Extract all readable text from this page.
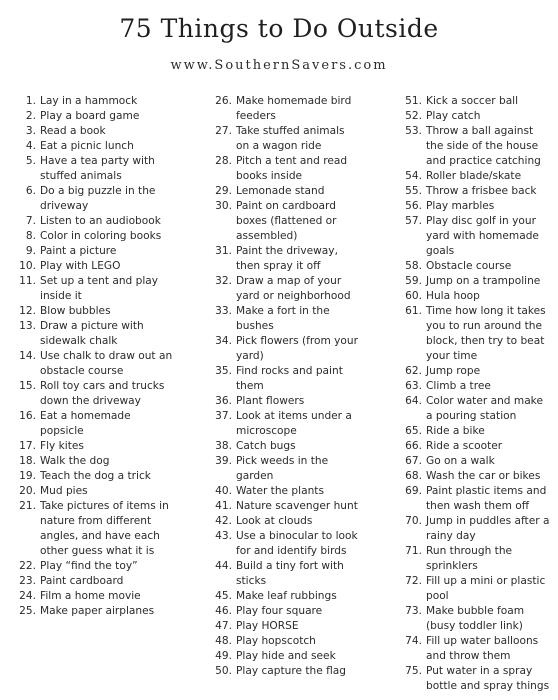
75 Things to Do Outside
www.SouthernSavers.com
1. Lay in a hammock
2. Play a board game
3. Read a book
4. Eat a picnic lunch
5. Have a tea party with stuffed animals
6. Do a big puzzle in the driveway
7. Listen to an audiobook
8. Color in coloring books
9. Paint a picture
10. Play with LEGO
11. Set up a tent and play inside it
12. Blow bubbles
13. Draw a picture with sidewalk chalk
14. Use chalk to draw out an obstacle course
15. Roll toy cars and trucks down the driveway
16. Eat a homemade popsicle
17. Fly kites
18. Walk the dog
19. Teach the dog a trick
20. Mud pies
21. Take pictures of items in nature from different angles, and have each other guess what it is
22. Play “find the toy”
23. Paint cardboard
24. Film a home movie
25. Make paper airplanes
26. Make homemade bird feeders
27. Take stuffed animals on a wagon ride
28. Pitch a tent and read books inside
29. Lemonade stand
30. Paint on cardboard boxes (flattened or assembled)
31. Paint the driveway, then spray it off
32. Draw a map of your yard or neighborhood
33. Make a fort in the bushes
34. Pick flowers (from your yard)
35. Find rocks and paint them
36. Plant flowers
37. Look at items under a microscope
38. Catch bugs
39. Pick weeds in the garden
40. Water the plants
41. Nature scavenger hunt
42. Look at clouds
43. Use a binocular to look for and identify birds
44. Build a tiny fort with sticks
45. Make leaf rubbings
46. Play four square
47. Play HORSE
48. Play hopscotch
49. Play hide and seek
50. Play capture the flag
51. Kick a soccer ball
52. Play catch
53. Throw a ball against the side of the house and practice catching
54. Roller blade/skate
55. Throw a frisbee back
56. Play marbles
57. Play disc golf in your yard with homemade goals
58. Obstacle course
59. Jump on a trampoline
60. Hula hoop
61. Time how long it takes you to run around the block, then try to beat your time
62. Jump rope
63. Climb a tree
64. Color water and make a pouring station
65. Ride a bike
66. Ride a scooter
67. Go on a walk
68. Wash the car or bikes
69. Paint plastic items and then wash them off
70. Jump in puddles after a rainy day
71. Run through the sprinklers
72. Fill up a mini or plastic pool
73. Make bubble foam (busy toddler link)
74. Fill up water balloons and throw them
75. Put water in a spray bottle and spray things
